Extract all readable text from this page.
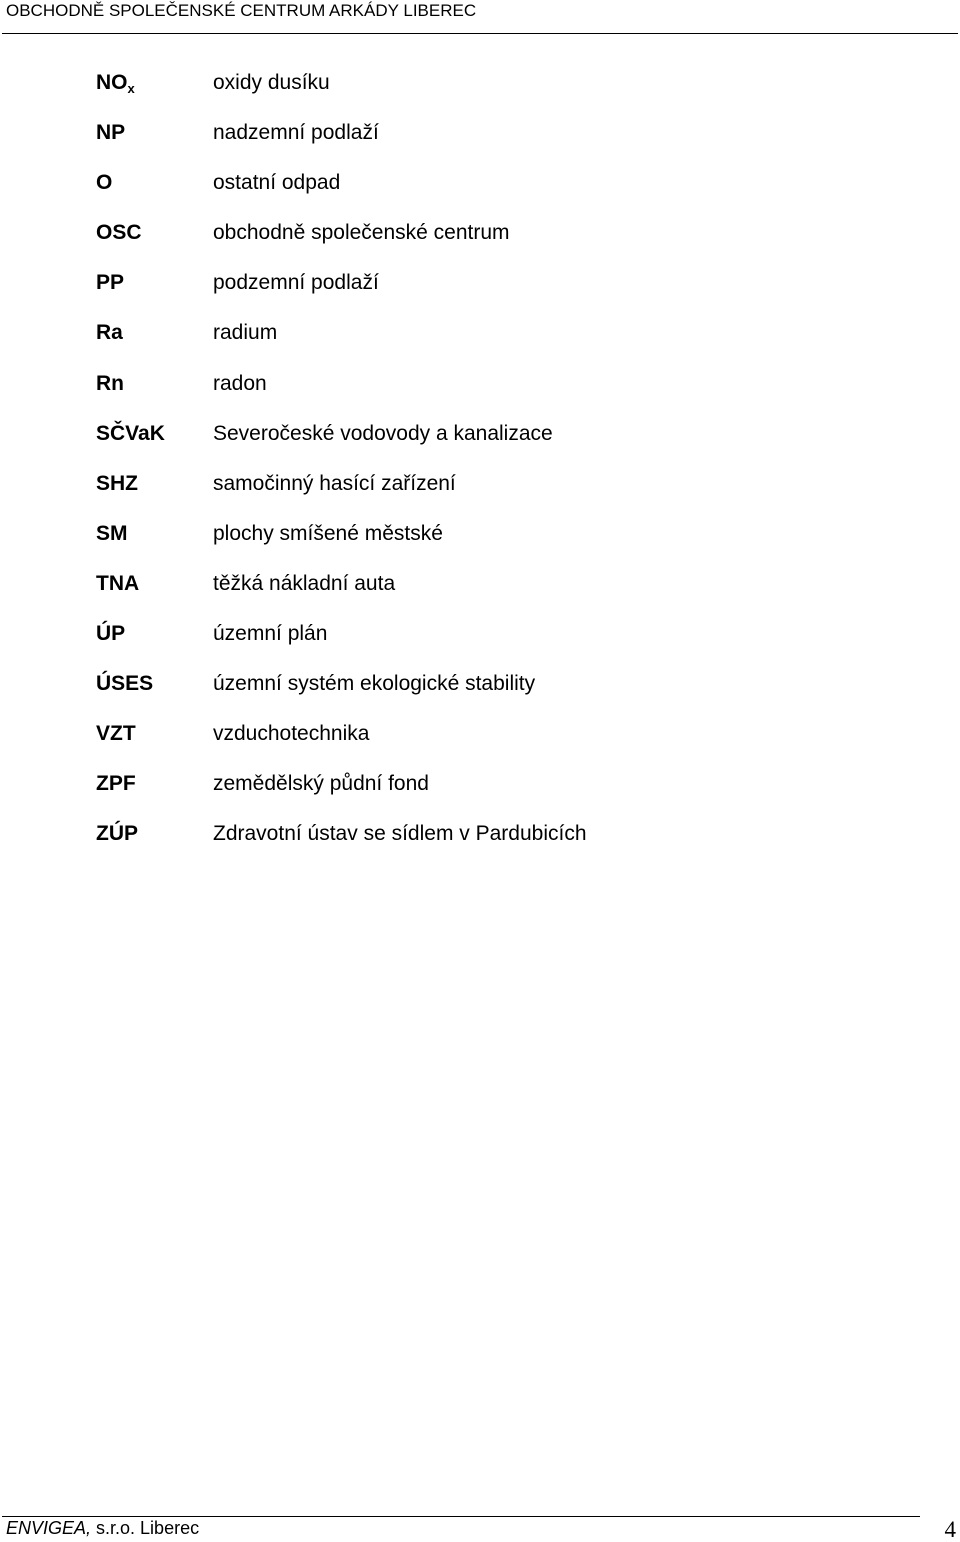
OBCHODNĚ SPOLEČENSKÉ CENTRUM ARKÁDY LIBEREC
$NO_x$	oxidy dusíku
NP	nadzemní podlaží
O	ostatní odpad
OSC	obchodně společenské centrum
PP	podzemní podlaží
Ra	radium
Rn	radon
SČVaK Severočeské vodovody a kanalizace
SHZ	samočinný hasící zařízení
SM	plochy smíšené městské
TNA	těžká nákladní auta
ÚP	územní plán
ÚSES	územní systém ekologické stability
VZT	vzduchotechnika
ZPF	zemědělský půdní fond
ZÚP	Zdravotní ústav se sídlem v Pardubicích
ENVIGEA, s.r.o. Liberec	4
